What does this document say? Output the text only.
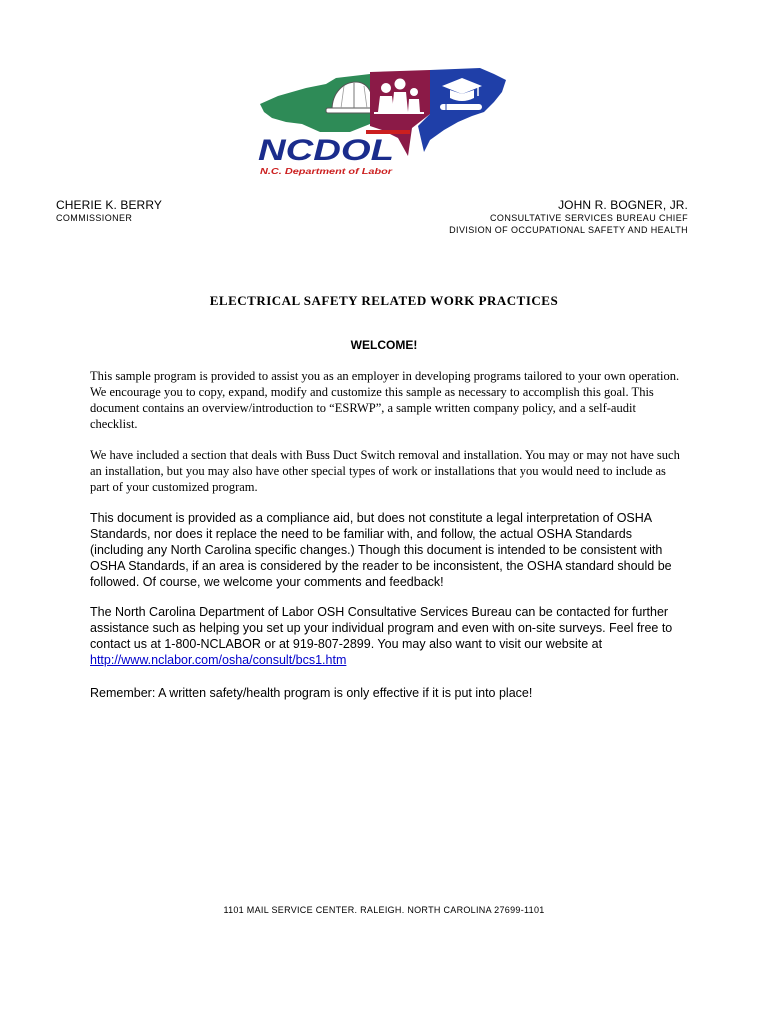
NCDOL
N.C. Department of Labor
CHERIE K. BERRY
COMMISSIONER
JOHN R. BOGNER, JR.
CONSULTATIVE SERVICES BUREAU CHIEF
DIVISION OF OCCUPATIONAL SAFETY AND HEALTH
ELECTRICAL SAFETY RELATED WORK PRACTICES
WELCOME!

This sample program is provided to assist you as an employer in developing programs tailored to your own operation. We encourage you to copy, expand, modify and customize this sample as necessary to accomplish this goal. This document contains an overview/introduction to “ESRWP”, a sample written company policy, and a self-audit checklist.

We have included a section that deals with Buss Duct Switch removal and installation. You may or may not have such an installation, but you may also have other special types of work or installations that you would need to include as part of your customized program.

This document is provided as a compliance aid, but does not constitute a legal interpretation of OSHA Standards, nor does it replace the need to be familiar with, and follow, the actual OSHA Standards (including any North Carolina specific changes.) Though this document is intended to be consistent with OSHA Standards, if an area is considered by the reader to be inconsistent, the OSHA standard should be followed. Of course, we welcome your comments and feedback!

The North Carolina Department of Labor OSH Consultative Services Bureau can be contacted for further assistance such as helping you set up your individual program and even with on-site surveys. Feel free to contact us at 1-800-NCLABOR or at 919-807-2899. You may also want to visit our website at http://www.nclabor.com/osha/consult/bcs1.htm

Remember: A written safety/health program is only effective if it is put into place!

1101 MAIL SERVICE CENTER. RALEIGH. NORTH CAROLINA 27699-1101
